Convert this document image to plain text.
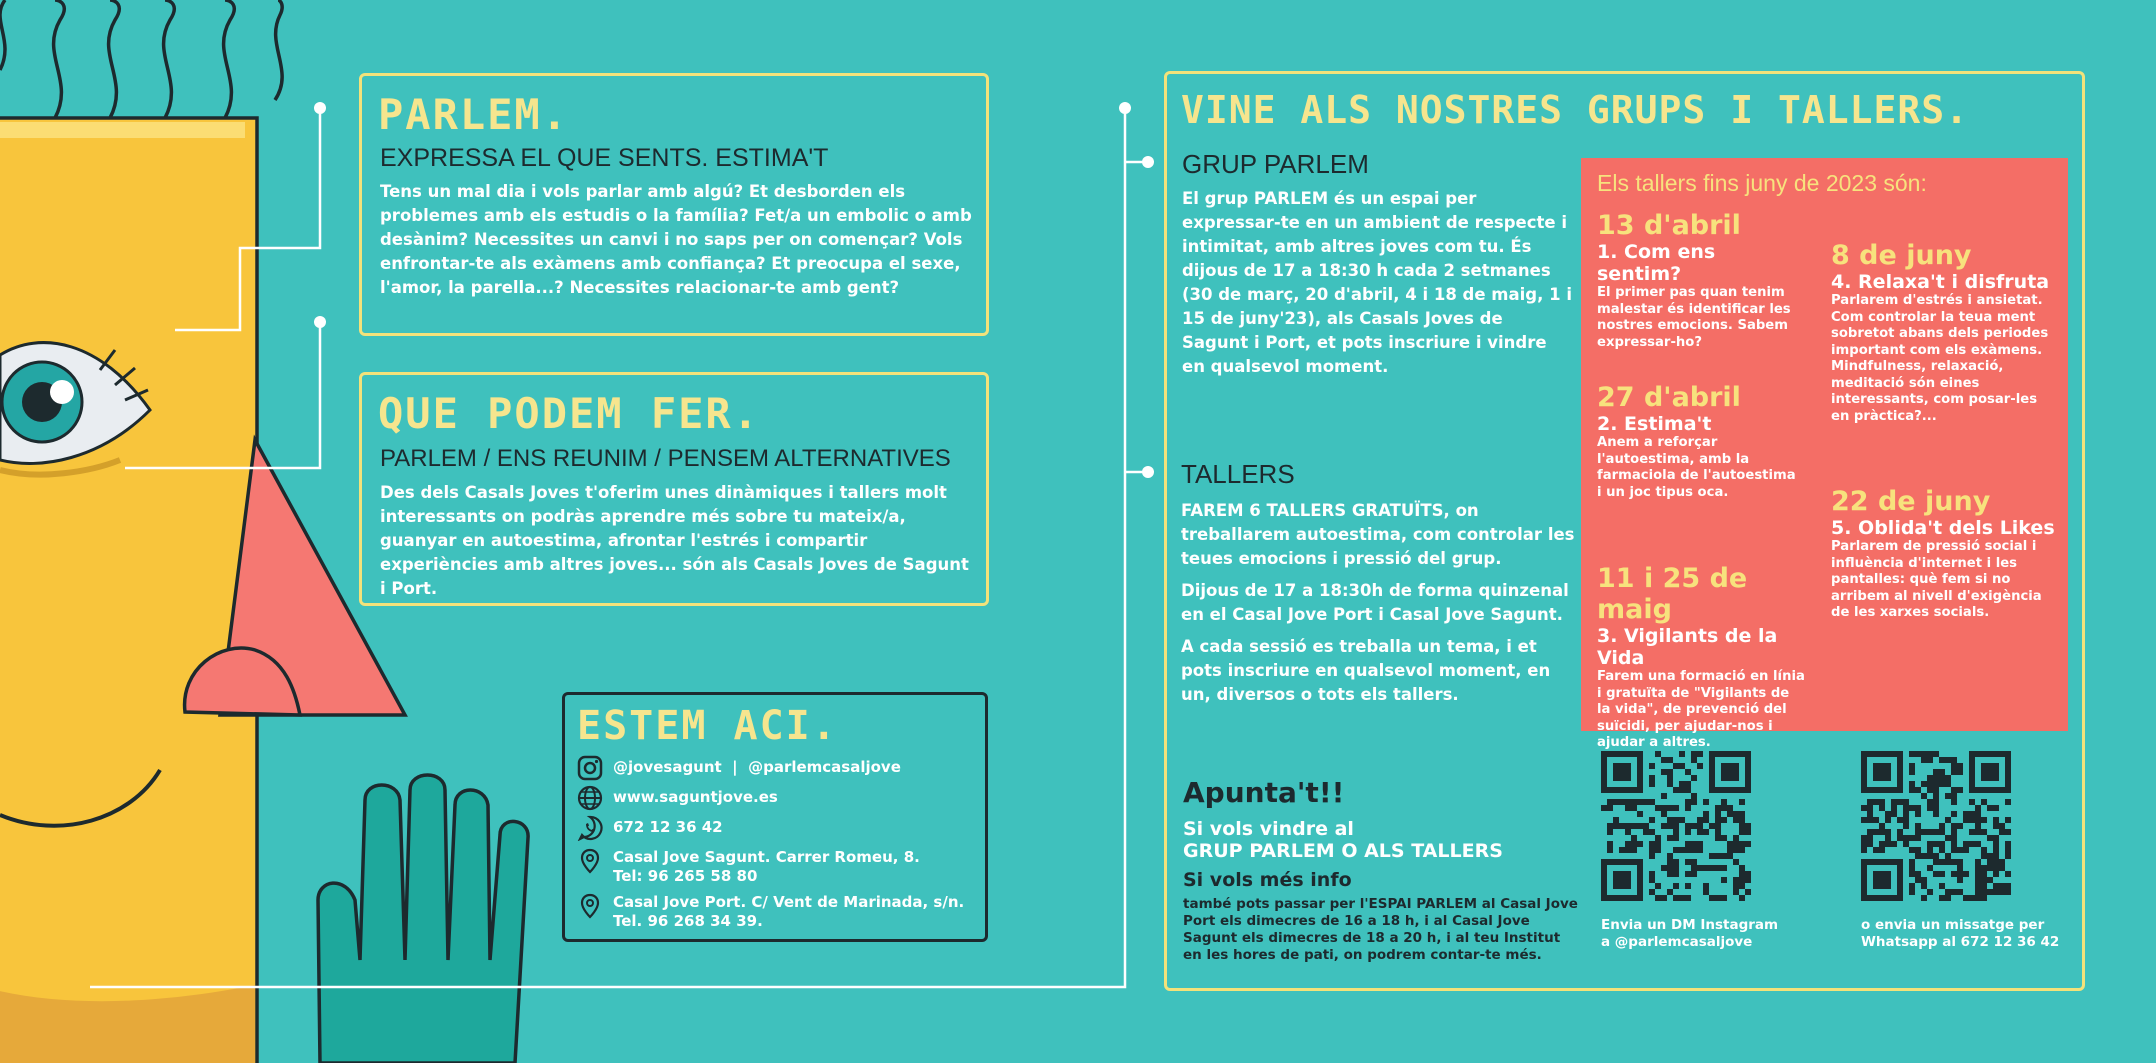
PARLEM.
EXPRESSA EL QUE SENTS. ESTIMA'T

Tens un mal dia i vols parlar amb algú? Et desborden els problemes amb els estudis o la família? Fet/a un embolic o amb desànim? Necessites un canvi i no saps per on començar? Vols enfrontar-te als exàmens amb confiança? Et preocupa el sexe, l'amor, la parella...? Necessites relacionar-te amb gent?

QUE PODEM FER.
PARLEM / ENS REUNIM / PENSEM ALTERNATIVES

Des dels Casals Joves t'oferim unes dinàmiques i tallers molt interessants on podràs aprendre més sobre tu mateix/a, guanyar en autoestima, afrontar l'estrés i compartir experiències amb altres joves... són als Casals Joves de Sagunt i Port.

ESTEM ACI.
@jovesagunt  |  @parlemcasaljove
www.saguntjove.es
672 12 36 42
Casal Jove Sagunt. Carrer Romeu, 8.
Tel: 96 265 58 80
Casal Jove Port. C/ Vent de Marinada, s/n.
Tel. 96 268 34 39.
VINE ALS NOSTRES GRUPS I TALLERS.
GRUP PARLEM

El grup PARLEM és un espai per expressar-te en un ambient de respecte i intimitat, amb altres joves com tu. És dijous de 17 a 18:30 h cada 2 setmanes (30 de març, 20 d'abril, 4 i 18 de maig, 1 i 15 de juny'23), als Casals Joves de Sagunt i Port, et pots inscriure i vindre en qualsevol moment.

TALLERS

FAREM 6 TALLERS GRATUÏTS, on treballarem autoestima, com controlar les teues emocions i pressió del grup.

Dijous de 17 a 18:30h de forma quinzenal en el Casal Jove Port i Casal Jove Sagunt.

A cada sessió es treballa un tema, i et pots inscriure en qualsevol moment, en un, diversos o tots els tallers.

Apunta't!!
Si vols vindre al
GRUP PARLEM O ALS TALLERS
Si vols més info

també pots passar per l'ESPAI PARLEM al Casal Jove Port els dimecres de 16 a 18 h, i al Casal Jove Sagunt els dimecres de 18 a 20 h, i al teu Institut en les hores de pati, on podrem contar-te més.

Els tallers fins juny de 2023 són:
13 d'abril
1. Com ens sentim?
El primer pas quan tenim malestar és identificar les nostres emocions. Sabem expressar-ho?
27 d'abril
2. Estima't
Anem a reforçar l'autoestima, amb la farmaciola de l'autoestima i un joc tipus oca.
11 i 25 de maig
3. Vigilants de la Vida
Farem una formació en línia i gratuïta de "Vigilants de la vida", de prevenció del suïcidi, per ajudar-nos i ajudar a altres.
8 de juny
4. Relaxa't i disfruta
Parlarem d'estrés i ansietat. Com controlar la teua ment sobretot abans dels periodes important com els exàmens. Mindfulness, relaxació, meditació són eines interessants, com posar-les en pràctica?...
22 de juny
5. Oblida't dels Likes
Parlarem de pressió social i influència d'internet i les pantalles: què fem si no arribem al nivell d'exigència de les xarxes socials.
Envia un DM Instagram
a @parlemcasaljove
o envia un missatge per
Whatsapp al 672 12 36 42
